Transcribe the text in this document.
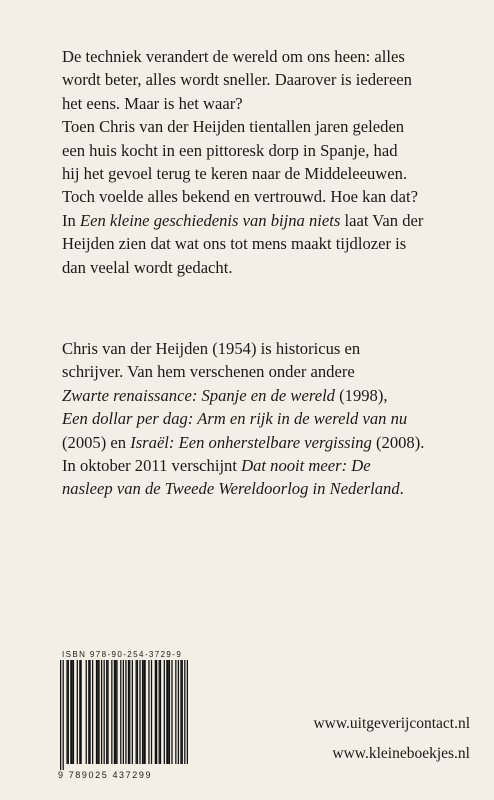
De techniek verandert de wereld om ons heen: alles
wordt beter, alles wordt sneller. Daarover is iedereen
het eens. Maar is het waar?
Toen Chris van der Heijden tientallen jaren geleden
een huis kocht in een pittoresk dorp in Spanje, had
hij het gevoel terug te keren naar de Middeleeuwen.
Toch voelde alles bekend en vertrouwd. Hoe kan dat?
In Een kleine geschiedenis van bijna niets laat Van der
Heijden zien dat wat ons tot mens maakt tijdlozer is
dan veelal wordt gedacht.

Chris van der Heijden (1954) is historicus en
schrijver. Van hem verschenen onder andere
Zwarte renaissance: Spanje en de wereld (1998),
Een dollar per dag: Arm en rijk in de wereld van nu
(2005) en Israël: Een onherstelbare vergissing (2008).
In oktober 2011 verschijnt Dat nooit meer: De
nasleep van de Tweede Wereldoorlog in Nederland.

ISBN 978-90-254-3729-9
9 789025 437299
www.uitgeverijcontact.nl
www.kleineboekjes.nl
